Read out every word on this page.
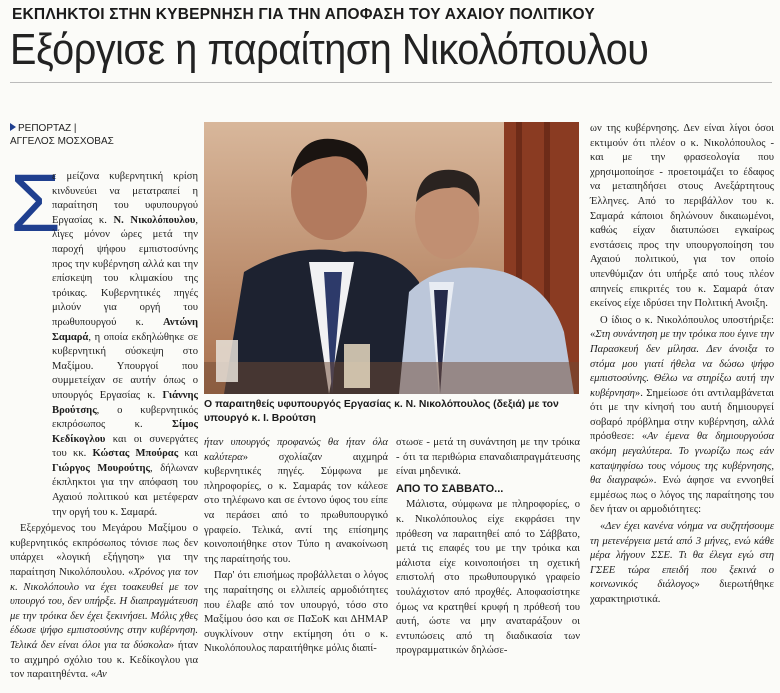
ΕΚΠΛΗΚΤΟΙ ΣΤΗΝ ΚΥΒΕΡΝΗΣΗ ΓΙΑ ΤΗΝ ΑΠΟΦΑΣΗ ΤΟΥ ΑΧΑΙΟΥ ΠΟΛΙΤΙΚΟΥ
Εξόργισε η παραίτηση Νικολόπουλου
ΡΕΠΟΡΤΑΖ |
ΑΓΓΕΛΟΣ ΜΟΣΧΟΒΑΣ
Σ

ε μείζονα κυβερνητική κρίση κινδυνεύει να μετατραπεί η παραίτηση του υφυπουργού Εργασίας κ. Ν. Νικολόπουλου, λίγες μόνον ώρες μετά την παροχή ψήφου εμπιστοσύνης προς την κυβέρνηση αλλά και την επίσκεψη του κλιμακίου της τρόικας. Κυβερνητικές πηγές μιλούν για οργή του πρωθυπουργού κ. Αντώνη Σαμαρά, η οποία εκδηλώθηκε σε κυβερνητική σύσκεψη στο Μαξίμου. Υπουργοί που συμμετείχαν σε αυτήν όπως ο υπουργός Εργασίας κ. Γιάννης Βρούτσης, ο κυβερνητικός εκπρόσωπος κ. Σίμος Κεδίκογλου και οι συνεργάτες του κκ. Κώστας Μπούρας και Γιώργος Μουρούτης, δήλωναν έκπληκτοι για την απόφαση του Αχαιού πολιτικού και μετέφεραν την οργή του κ. Σαμαρά.

Εξερχόμενος του Μεγάρου Μαξίμου ο κυβερνητικός εκπρόσωπος τόνισε πως δεν υπάρχει «λογική εξήγηση» για την παραίτηση Νικολόπουλου. «Χρόνος για τον κ. Νικολόπουλο να έχει τοακευθεί με τον υπουργό του, δεν υπήρξε. Η διαπραγμάτευση με την τρόικα δεν έχει ξεκινήσει. Μόλις χθες έδωσε ψήφο εμπιστοσύνης στην κυβέρνηση. Τελικά δεν είναι όλοι για τα δύσκολα» ήταν το αιχμηρό σχόλιο του κ. Κεδίκογλου για τον παραιτηθέντα. «Αν

Ο παραιτηθείς υφυπουργός Εργασίας κ. Ν. Νικολόπουλος (δεξιά) με τον υπουργό κ. Ι. Βρούτση

ήταν υπουργός προφανώς θα ήταν όλα καλύτερα» σχολίαζαν αιχμηρά κυβερνητικές πηγές. Σύμφωνα με πληροφορίες, ο κ. Σαμαράς τον κάλεσε στο τηλέφωνο και σε έντονο ύφος του είπε να περάσει από το πρωθυπουργικό γραφείο. Τελικά, αντί της επίσημης κοινοποιήθηκε στον Τύπο η ανακοίνωση της παραίτησής του.

Παρ' ότι επισήμως προβάλλεται ο λόγος της παραίτησης οι ελλιπείς αρμοδιότητες που έλαβε από τον υπουργό, τόσο στο Μαξίμου όσο και σε ΠαΣοΚ και ΔΗΜΑΡ συγκλίνουν στην εκτίμηση ότι ο κ. Νικολόπουλος παραιτήθηκε μόλις διαπί-

στωσε - μετά τη συνάντηση με την τρόικα - ότι τα περιθώρια επαναδιαπραγμάτευσης είναι μηδενικά.

ΑΠΟ ΤΟ ΣΑΒΒΑΤΟ...

Μάλιστα, σύμφωνα με πληροφορίες, ο κ. Νικολόπουλος είχε εκφράσει την πρόθεση να παραιτηθεί από το Σάββατο, μετά τις επαφές του με την τρόικα και μάλιστα είχε κοινοποιήσει τη σχετική επιστολή στο πρωθυπουργικό γραφείο τουλάχιστον από προχθές. Αποφασίστηκε όμως να κρατηθεί κρυφή η πρόθεσή του αυτή, ώστε να μην αναταράξουν οι εντυπώσεις από τη διαδικασία των προγραμματικών δηλώσε-

ων της κυβέρνησης. Δεν είναι λίγοι όσοι εκτιμούν ότι πλέον ο κ. Νικολόπουλος - και με την φρασεολογία που χρησιμοποίησε - προετοιμάζει το έδαφος να μεταπηδήσει στους Ανεξάρτητους Έλληνες. Από το περιβάλλον του κ. Σαμαρά κάποιοι δηλώνουν δικαιωμένοι, καθώς είχαν διατυπώσει εγκαίρως ενστάσεις προς την υπουργοποίηση του Αχαιού πολιτικού, για τον οποίο υπενθύμιζαν ότι υπήρξε από τους πλέον απηνείς επικριτές του κ. Σαμαρά όταν εκείνος είχε ιδρύσει την Πολιτική Ανοιξη.

Ο ίδιος ο κ. Νικολόπουλος υποστήριξε: «Στη συνάντηση με την τρόικα που έγινε την Παρασκευή δεν μίλησα. Δεν άνοιξα το στόμα μου γιατί ήθελα να δώσω ψήφο εμπιστοσύνης. Θέλω να στηρίξω αυτή την κυβέρνηση». Σημείωσε ότι αντιλαμβάνεται ότι με την κίνησή του αυτή δημιουργεί σοβαρό πρόβλημα στην κυβέρνηση, αλλά πρόσθεσε: «Αν έμενα θα δημιουργούσα ακόμη μεγαλύτερα. Το γνωρίζω πως εάν καταψηφίσω τους νόμους της κυβέρνησης, θα διαγραφώ». Ενώ άφησε να εννοηθεί εμμέσως πως ο λόγος της παραίτησης του δεν ήταν οι αρμοδιότητες:

«Δεν έχει κανένα νόημα να συζητήσουμε τη μετενέργεια μετά από 3 μήνες, ενώ κάθε μέρα λήγουν ΣΣΕ. Τι θα έλεγα εγώ στη ΓΣΕΕ τώρα επειδή που ξεκινά ο κοινωνικός διάλογος» διερωτήθηκε χαρακτηριστικά.
